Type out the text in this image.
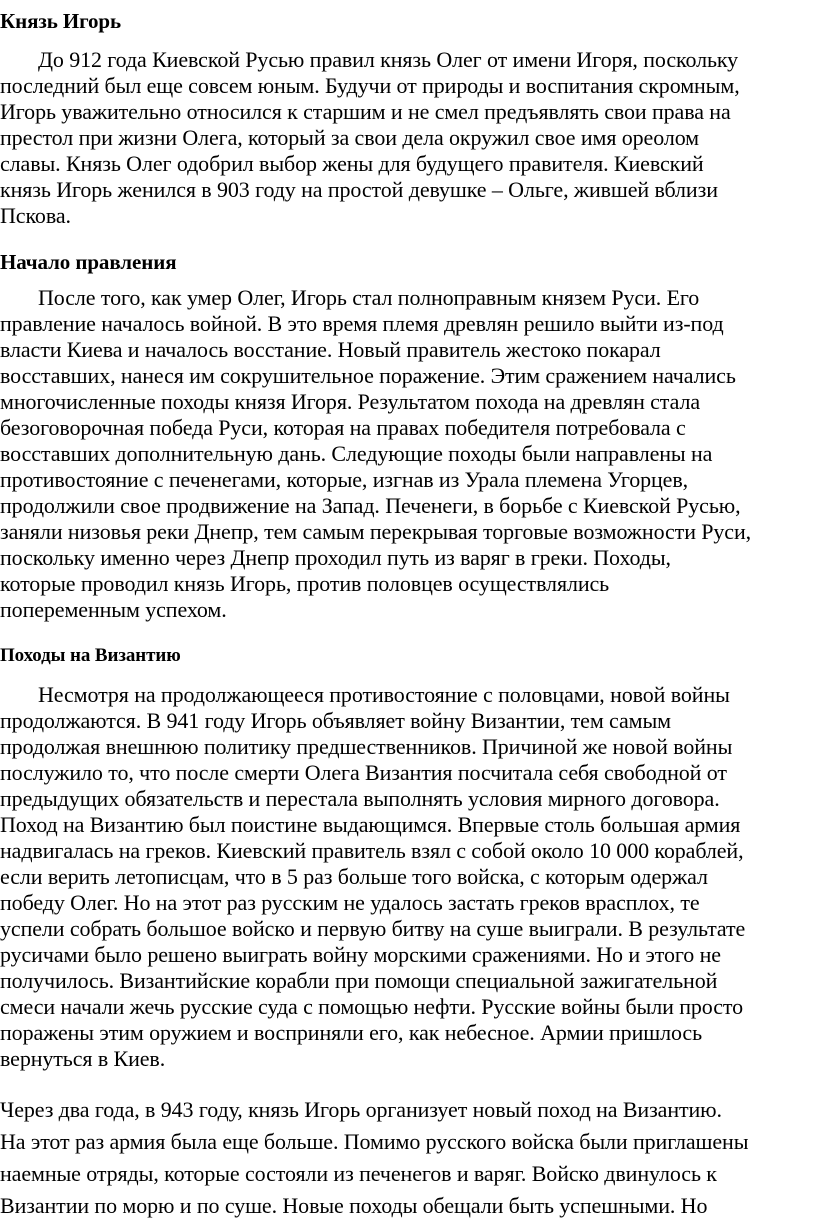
Князь Игорь
До 912 года Киевской Русью правил князь Олег от имени Игоря, поскольку
последний был еще совсем юным. Будучи от природы и воспитания скромным,
Игорь уважительно относился к старшим и не смел предъявлять свои права на
престол при жизни Олега, который за свои дела окружил свое имя ореолом
славы. Князь Олег одобрил выбор жены для будущего правителя. Киевский
князь Игорь женился в 903 году на простой девушке – Ольге, жившей вблизи
Пскова.
Начало правления
После того, как умер Олег, Игорь стал полноправным князем Руси. Его
правление началось войной. В это время племя древлян решило выйти из-под
власти Киева и началось восстание. Новый правитель жестоко покарал
восставших, нанеся им сокрушительное поражение. Этим сражением начались
многочисленные походы князя Игоря. Результатом похода на древлян стала
безоговорочная победа Руси, которая на правах победителя потребовала с
восставших дополнительную дань. Следующие походы были направлены на
противостояние с печенегами, которые, изгнав из Урала племена Угорцев,
продолжили свое продвижение на Запад. Печенеги, в борьбе с Киевской Русью,
заняли низовья реки Днепр, тем самым перекрывая торговые возможности Руси,
поскольку именно через Днепр проходил путь из варяг в греки. Походы,
которые проводил князь Игорь, против половцев осуществлялись
попеременным успехом.
Походы на Византию
Несмотря на продолжающееся противостояние с половцами, новой войны
продолжаются. В 941 году Игорь объявляет войну Византии, тем самым
продолжая внешнюю политику предшественников. Причиной же новой войны
послужило то, что после смерти Олега Византия посчитала себя свободной от
предыдущих обязательств и перестала выполнять условия мирного договора.
Поход на Византию был поистине выдающимся. Впервые столь большая армия
надвигалась на греков. Киевский правитель взял с собой около 10 000 кораблей,
если верить летописцам, что в 5 раз больше того войска, с которым одержал
победу Олег. Но на этот раз русским не удалось застать греков врасплох, те
успели собрать большое войско и первую битву на суше выиграли. В результате
русичами было решено выиграть войну морскими сражениями. Но и этого не
получилось. Византийские корабли при помощи специальной зажигательной
смеси начали жечь русские суда с помощью нефти. Русские войны были просто
поражены этим оружием и восприняли его, как небесное. Армии пришлось
вернуться в Киев.
Через два года, в 943 году, князь Игорь организует новый поход на Византию.
На этот раз армия была еще больше. Помимо русского войска были приглашены
наемные отряды, которые состояли из печенегов и варяг. Войско двинулось к
Византии по морю и по суше. Новые походы обещали быть успешными. Но
